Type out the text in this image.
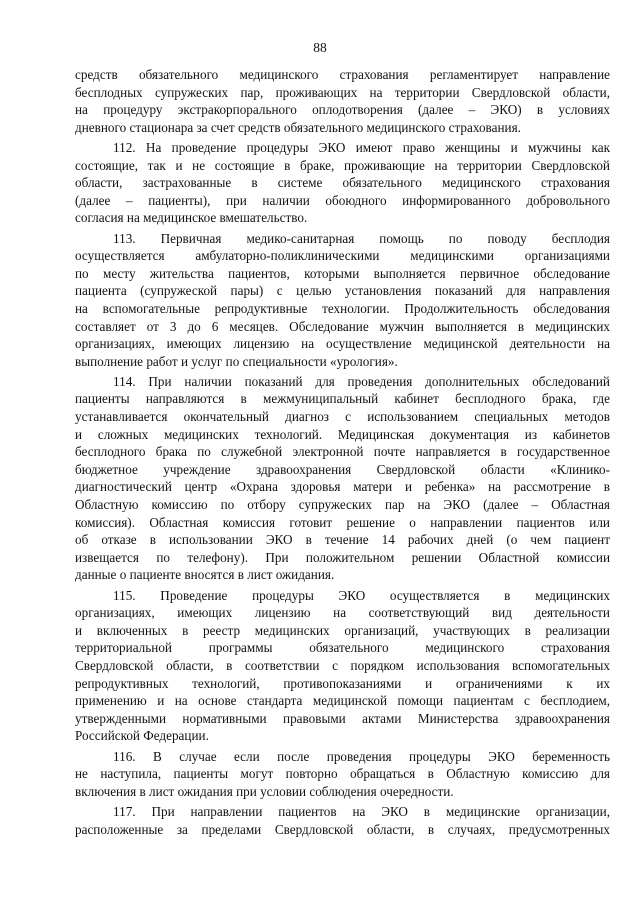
88
средств обязательного медицинского страхования регламентирует направление
бесплодных супружеских пар, проживающих на территории Свердловской области,
на процедуру экстракорпорального оплодотворения (далее – ЭКО) в условиях
дневного стационара за счет средств обязательного медицинского страхования.
112. На проведение процедуры ЭКО имеют право женщины и мужчины как
состоящие, так и не состоящие в браке, проживающие на территории Свердловской
области, застрахованные в системе обязательного медицинского страхования
(далее – пациенты), при наличии обоюдного информированного добровольного
согласия на медицинское вмешательство.
113. Первичная медико-санитарная помощь по поводу бесплодия
осуществляется амбулаторно-поликлиническими медицинскими организациями
по месту жительства пациентов, которыми выполняется первичное обследование
пациента (супружеской пары) с целью установления показаний для направления
на вспомогательные репродуктивные технологии. Продолжительность обследования
составляет от 3 до 6 месяцев. Обследование мужчин выполняется в медицинских
организациях, имеющих лицензию на осуществление медицинской деятельности на
выполнение работ и услуг по специальности «урология».
114. При наличии показаний для проведения дополнительных обследований
пациенты направляются в межмуниципальный кабинет бесплодного брака, где
устанавливается окончательный диагноз с использованием специальных методов
и сложных медицинских технологий. Медицинская документация из кабинетов
бесплодного брака по служебной электронной почте направляется в государственное
бюджетное учреждение здравоохранения Свердловской области «Клинико-
диагностический центр «Охрана здоровья матери и ребенка» на рассмотрение в
Областную комиссию по отбору супружеских пар на ЭКО (далее – Областная
комиссия). Областная комиссия готовит решение о направлении пациентов или
об отказе в использовании ЭКО в течение 14 рабочих дней (о чем пациент
извещается по телефону). При положительном решении Областной комиссии
данные о пациенте вносятся в лист ожидания.
115. Проведение процедуры ЭКО осуществляется в медицинских
организациях, имеющих лицензию на соответствующий вид деятельности
и включенных в реестр медицинских организаций, участвующих в реализации
территориальной программы обязательного медицинского страхования
Свердловской области, в соответствии с порядком использования вспомогательных
репродуктивных технологий, противопоказаниями и ограничениями к их
применению и на основе стандарта медицинской помощи пациентам с бесплодием,
утвержденными нормативными правовыми актами Министерства здравоохранения
Российской Федерации.
116. В случае если после проведения процедуры ЭКО беременность
не наступила, пациенты могут повторно обращаться в Областную комиссию для
включения в лист ожидания при условии соблюдения очередности.
117. При направлении пациентов на ЭКО в медицинские организации,
расположенные за пределами Свердловской области, в случаях, предусмотренных
